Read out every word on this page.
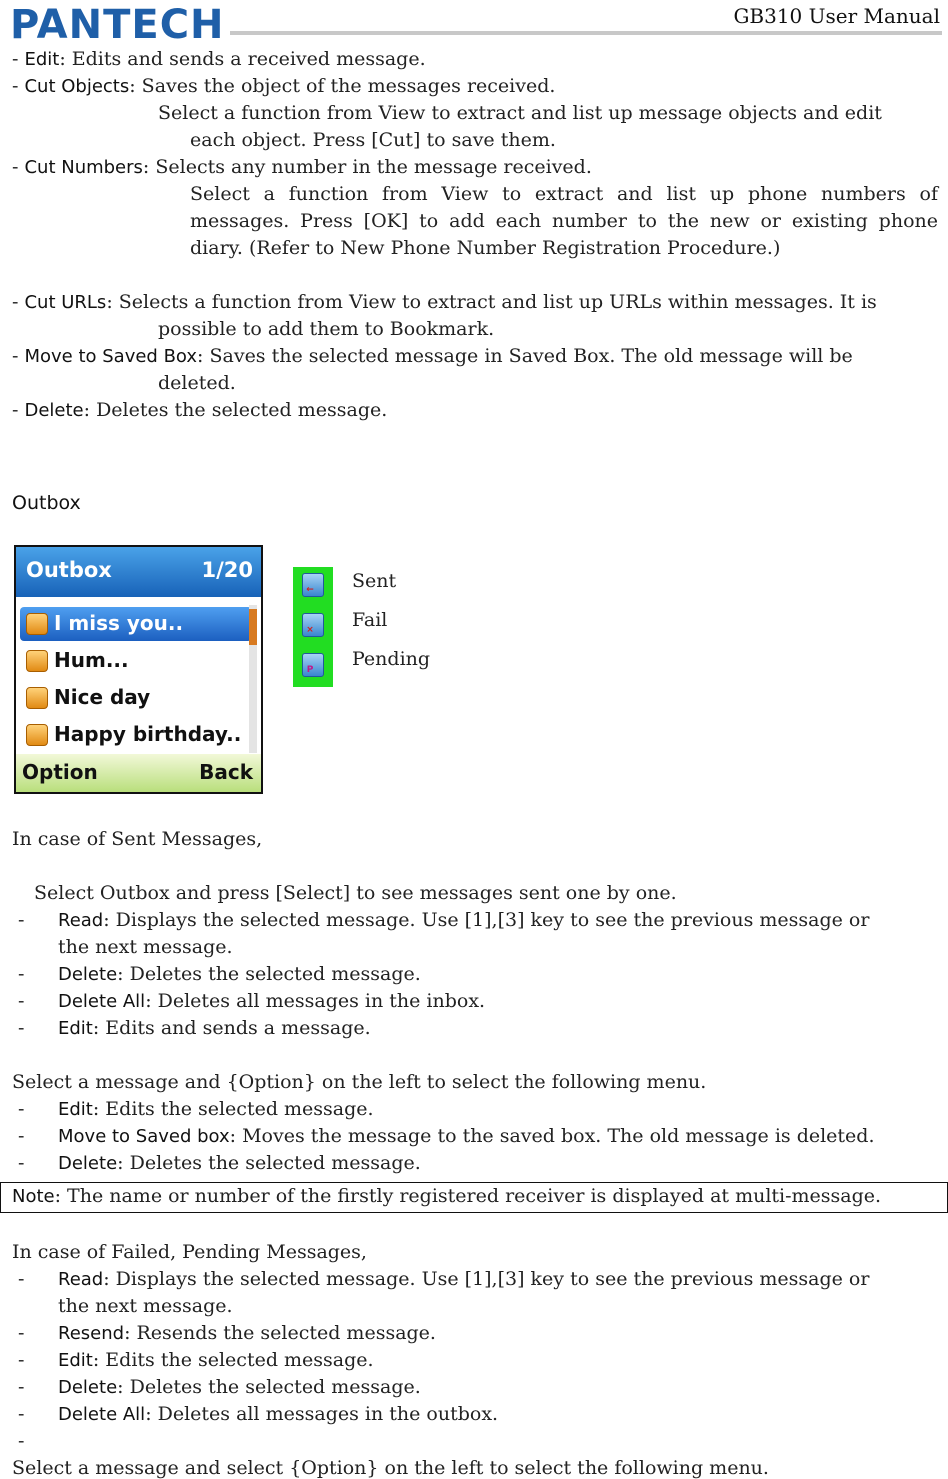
PANTECH	GB310 User Manual
- Edit: Edits and sends a received message.
- Cut Objects: Saves the object of the messages received.
Select a function from View to extract and list up message objects and edit
each object. Press [Cut] to save them.
- Cut Numbers: Selects any number in the message received.
Select a function from View to extract and list up phone numbers of
messages. Press [OK] to add each number to the new or existing phone
diary. (Refer to New Phone Number Registration Procedure.)
- Cut URLs: Selects a function from View to extract and list up URLs within messages. It is
possible to add them to Bookmark.
- Move to Saved Box: Saves the selected message in Saved Box. The old message will be
deleted.
- Delete: Deletes the selected message.
Outbox
Outbox	1/20
I miss you..
Hum...
Nice day
Happy birthday..
Option	Back
←
×
P
Sent
Fail
Pending
In case of Sent Messages,
Select Outbox and press [Select] to see messages sent one by one.
- Read: Displays the selected message. Use [1],[3] key to see the previous message or
the next message.
- Delete: Deletes the selected message.
- Delete All: Deletes all messages in the inbox.
- Edit: Edits and sends a message.
Select a message and {Option} on the left to select the following menu.
- Edit: Edits the selected message.
- Move to Saved box: Moves the message to the saved box. The old message is deleted.
- Delete: Deletes the selected message.
Note: The name or number of the firstly registered receiver is displayed at multi-message.
In case of Failed, Pending Messages,
- Read: Displays the selected message. Use [1],[3] key to see the previous message or
the next message.
- Resend: Resends the selected message.
- Edit: Edits the selected message.
- Delete: Deletes the selected message.
- Delete All: Deletes all messages in the outbox.
-
Select a message and select {Option} on the left to select the following menu.
